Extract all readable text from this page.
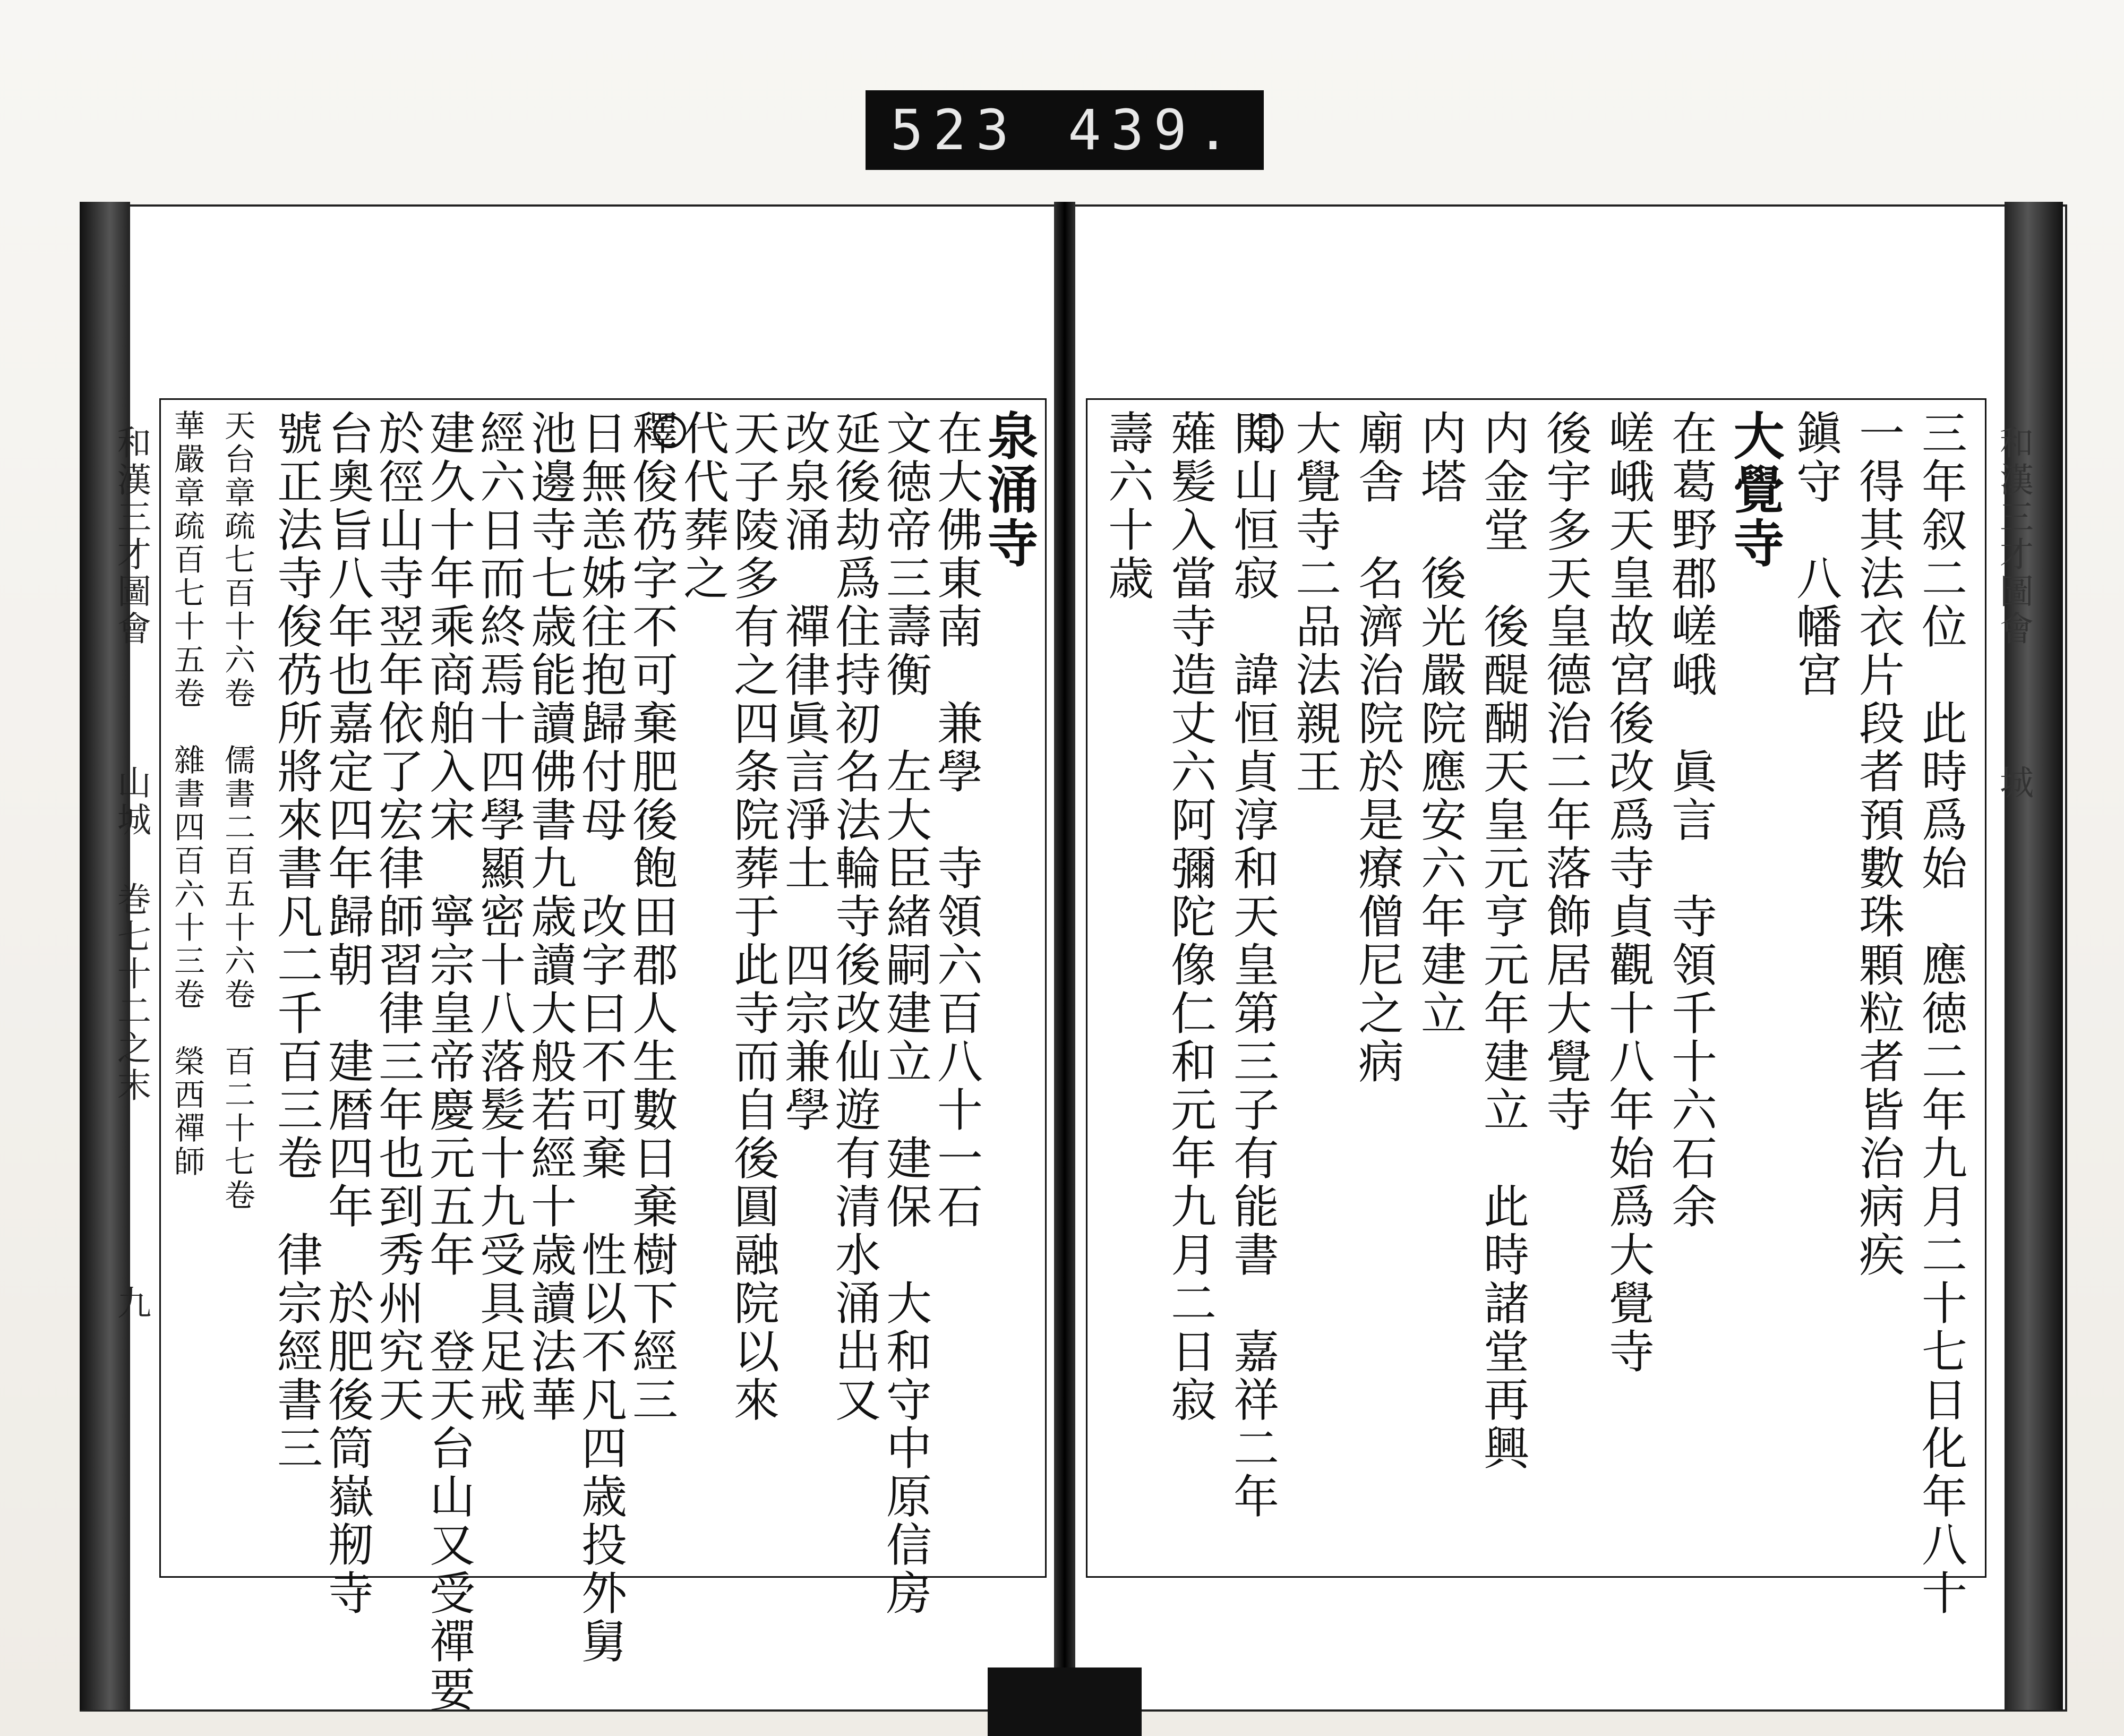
523 439.
和漢三才圖會
山城 巻七十二之末
九
和漢三才圖會
城
泉涌寺
在大佛東南　兼學　寺領六百八十一石
文徳帝三壽衡　左大臣緒嗣建立　建保　大和守中原信房
延後劫爲住持初名法輪寺後改仙遊有清水涌出又
改泉涌　禪律眞言淨土　四宗兼學
天子陵多有之四条院葬于此寺而自後圓融院以來
代代葬之
釋俊芿字不可棄肥後飽田郡人生數日棄樹下經三
日無恙姊往抱歸付母　改字曰不可棄　性以不凡四歳投外舅
池邊寺七歳能讀佛書九歳讀大般若經十歳讀法華
經六日而終焉十四學顯密十八落髪十九受具足戒
建久十年乘商舶入宋　寧宗皇帝慶元五年　登天台山又受禪要
於徑山寺翌年依了宏律師習律三年也到秀州究天
台奧旨八年也嘉定四年歸朝　建暦四年　於肥後筒嶽剏寺
號正法寺俊芿所將來書凡二千百三卷　律宗經書三
天台章疏七百十六卷　儒書二百五十六卷　百二十七卷
華嚴章疏百七十五卷　雜書四百六十三卷　榮西禪師	三年叙二位　此時爲始　應徳二年九月二十七日化年八十
一得其法衣片段者預數珠顆粒者皆治病疾
鎭守　八幡宮
大覺寺
在葛野郡嵯峨　眞言　寺領千十六石余
嵯峨天皇故宮後改爲寺貞觀十八年始爲大覺寺
後宇多天皇德治二年落飾居大覺寺
内金堂　後醍醐天皇元亨元年建立　此時諸堂再興
内塔　後光嚴院應安六年建立
廟舎　名濟治院於是療僧尼之病
大覺寺二品法親王
開山恒寂　諱恒貞淳和天皇第三子有能書　嘉祥二年
薙髪入當寺造丈六阿彌陀像仁和元年九月二日寂
壽六十歳
